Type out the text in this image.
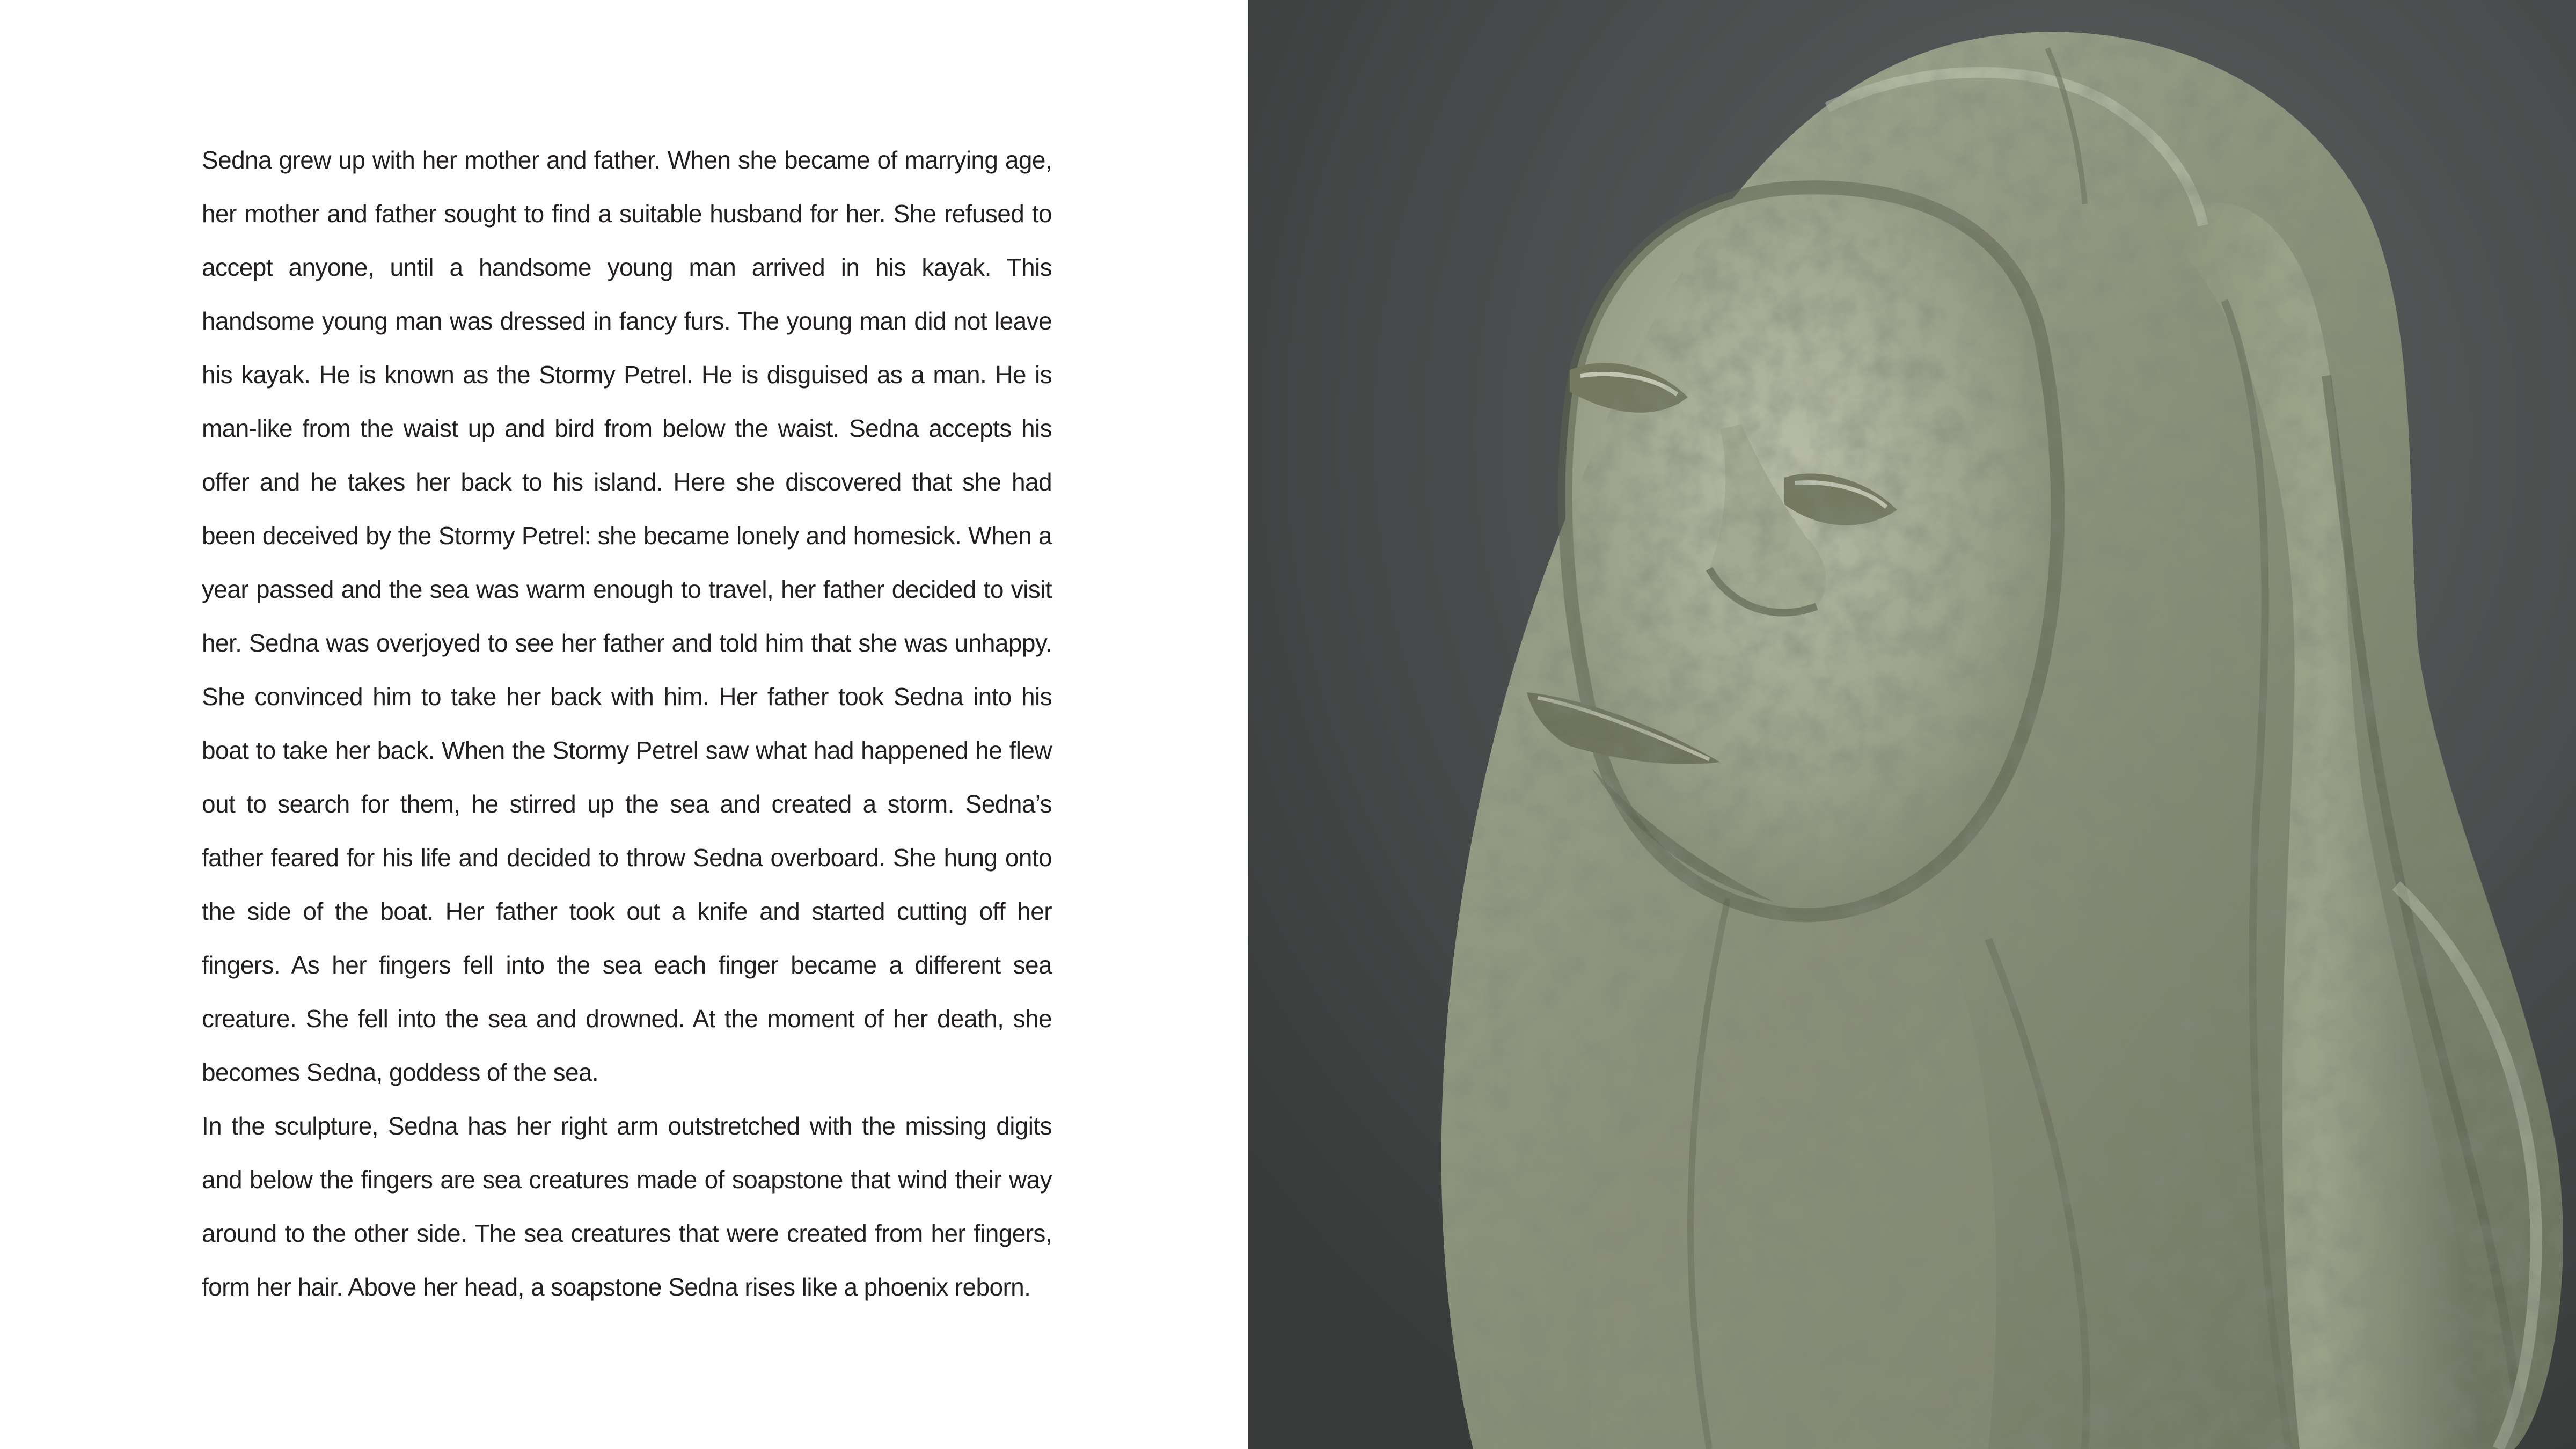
Sedna grew up with her mother and father. When she became of marrying age, her mother and father sought to find a suitable husband for her. She refused to accept anyone, until a handsome young man arrived in his kayak. This handsome young man was dressed in fancy furs. The young man did not leave his kayak. He is known as the Stormy Petrel. He is disguised as a man. He is man-like from the waist up and bird from below the waist. Sedna accepts his offer and he takes her back to his island. Here she discovered that she had been deceived by the Stormy Petrel: she became lonely and homesick. When a year passed and the sea was warm enough to travel, her father decided to visit her. Sedna was overjoyed to see her father and told him that she was unhappy. She convinced him to take her back with him. Her father took Sedna into his boat to take her back. When the Stormy Petrel saw what had happened he flew out to search for them, he stirred up the sea and created a storm. Sedna’s father feared for his life and decided to throw Sedna overboard. She hung onto the side of the boat. Her father took out a knife and started cutting off her fingers. As her fingers fell into the sea each finger became a different sea creature. She fell into the sea and drowned. At the moment of her death, she becomes Sedna, goddess of the sea.

In the sculpture, Sedna has her right arm outstretched with the missing digits and below the fingers are sea creatures made of soapstone that wind their way around to the other side. The sea creatures that were created from her fingers, form her hair. Above her head, a soapstone Sedna rises like a phoenix reborn.
